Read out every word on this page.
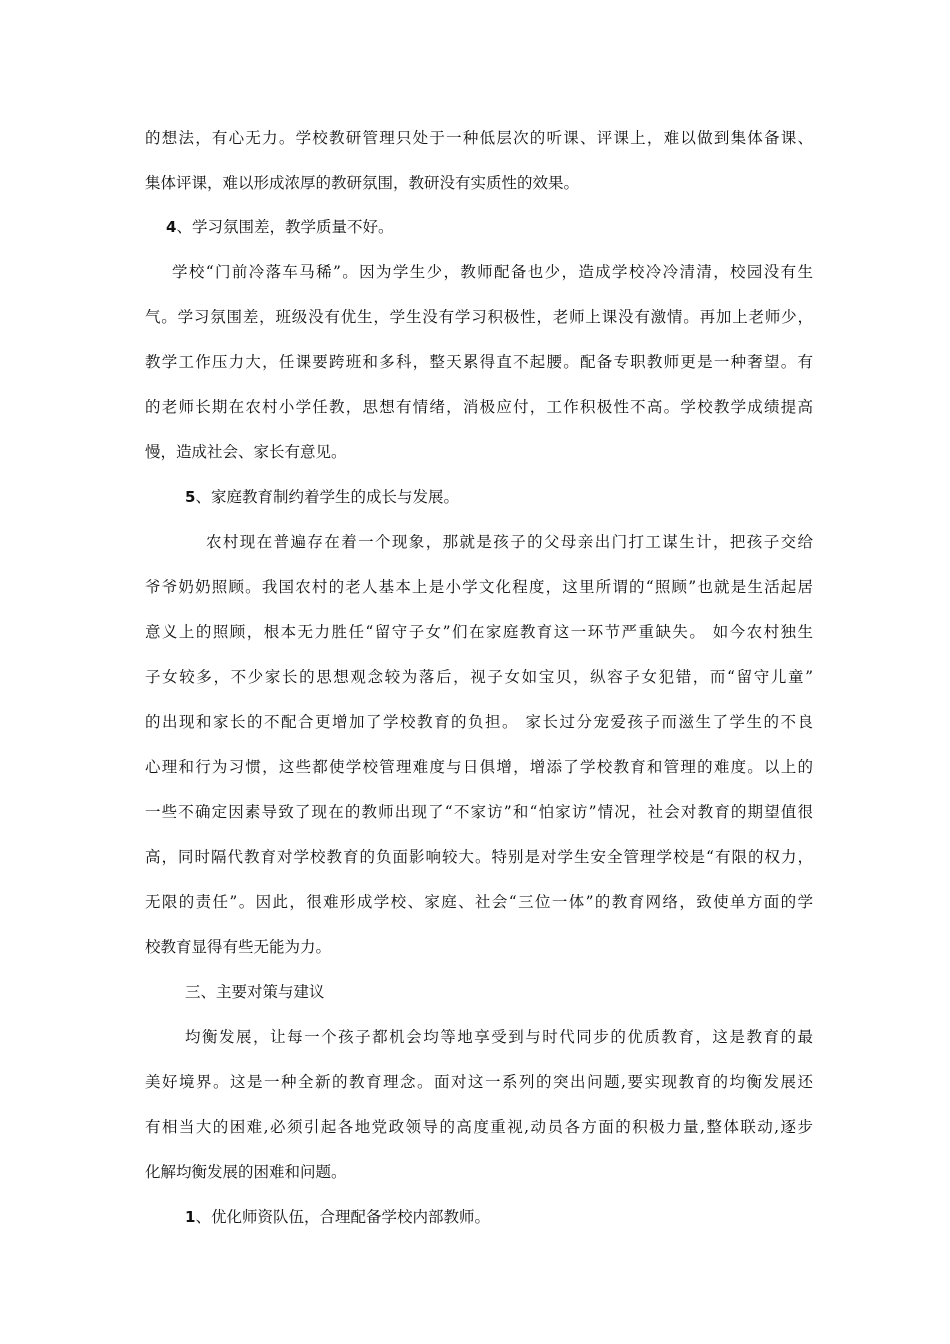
的想法，有心无力。学校教研管理只处于一种低层次的听课、评课上，难以做到集体备课、
集体评课，难以形成浓厚的教研氛围，教研没有实质性的效果。
4、学习氛围差，教学质量不好。
学校“门前冷落车马稀”。因为学生少，教师配备也少，造成学校冷冷清清，校园没有生
气。学习氛围差，班级没有优生，学生没有学习积极性，老师上课没有激情。再加上老师少，
教学工作压力大，任课要跨班和多科，整天累得直不起腰。配备专职教师更是一种奢望。有
的老师长期在农村小学任教，思想有情绪，消极应付，工作积极性不高。学校教学成绩提高
慢，造成社会、家长有意见。
5、家庭教育制约着学生的成长与发展。
农村现在普遍存在着一个现象，那就是孩子的父母亲出门打工谋生计，把孩子交给
爷爷奶奶照顾。我国农村的老人基本上是小学文化程度，这里所谓的“照顾”也就是生活起居
意义上的照顾，根本无力胜任“留守子女”们在家庭教育这一环节严重缺失。 如今农村独生
子女较多，不少家长的思想观念较为落后，视子女如宝贝，纵容子女犯错，而“留守儿童”
的出现和家长的不配合更增加了学校教育的负担。 家长过分宠爱孩子而滋生了学生的不良
心理和行为习惯，这些都使学校管理难度与日俱增，增添了学校教育和管理的难度。以上的
一些不确定因素导致了现在的教师出现了“不家访”和“怕家访”情况，社会对教育的期望值很
高，同时隔代教育对学校教育的负面影响较大。特别是对学生安全管理学校是“有限的权力，
无限的责任”。因此，很难形成学校、家庭、社会“三位一体”的教育网络，致使单方面的学
校教育显得有些无能为力。
三、主要对策与建议
均衡发展，让每一个孩子都机会均等地享受到与时代同步的优质教育，这是教育的最
美好境界。这是一种全新的教育理念。面对这一系列的突出问题,要实现教育的均衡发展还
有相当大的困难,必须引起各地党政领导的高度重视,动员各方面的积极力量,整体联动,逐步
化解均衡发展的困难和问题。
1、优化师资队伍，合理配备学校内部教师。
